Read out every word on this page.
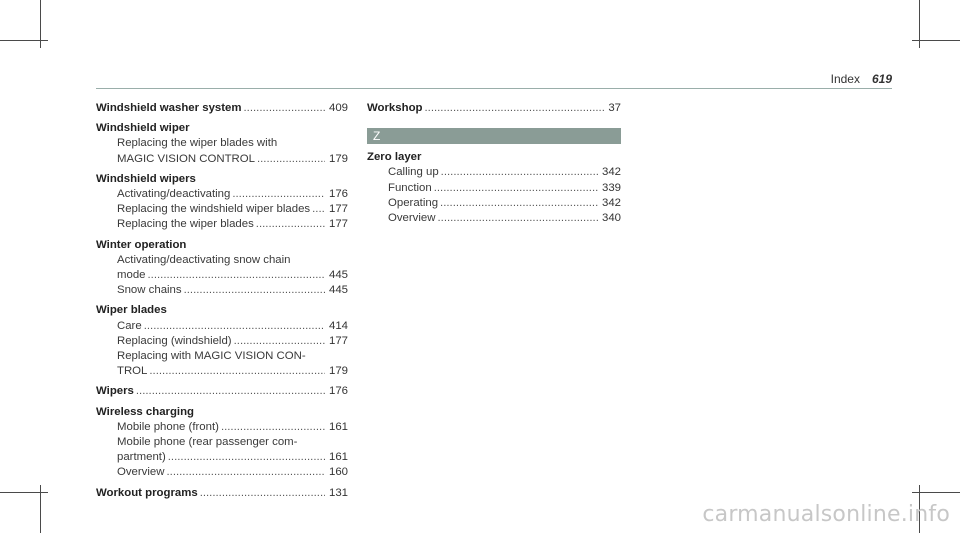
Index 619
Windshield washer system .....	409
Windshield wiper
Replacing the wiper blades with
MAGIC VISION CONTROL .....	179
Windshield wipers
Activating/deactivating .....	176
Replacing the windshield wiper blades ..... 177
Replacing the wiper blades .....	177
Winter operation
Activating/deactivating snow chain
mode .....	445
Snow chains .....	445
Wiper blades
Care .....	414
Replacing (windshield) .....	177
Replacing with MAGIC VISION CON-
TROL .....	179
Wipers .....	176
Wireless charging
Mobile phone (front) .....	161
Mobile phone (rear passenger com-
partment) .....	161
Overview .....	160
Workout programs .....	131
Workshop .....	37
Z
Zero layer
Calling up .....	342
Function .....	339
Operating .....	342
Overview .....	340
carmanualsonline.info
